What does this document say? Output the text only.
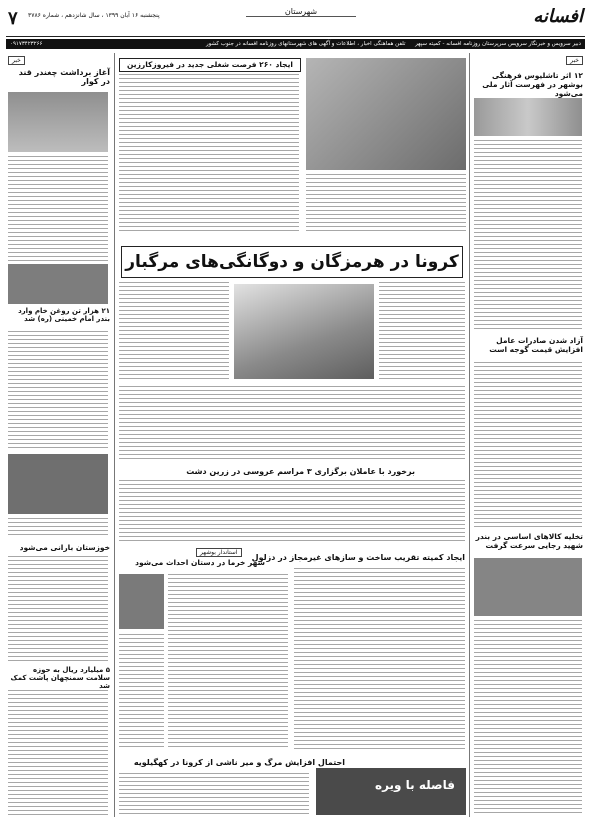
۷ پنجشنبه ۱۶ آبان ۱۳۹۹ ، سال شانزدهم ، شماره ۳۷۸۶	شهرستان	افسانه
دبیر سرویس و خبرنگار سرویس سرپرستان روزنامه افسانه - کمیته سپهر
تلفن هماهنگی اخبار ، اطلاعات و آگهی های شهرستانهای روزنامه افسانه در جنوب کشور
۰۹۱۷۳۴۲۳۲۶۶
خبر
آغاز برداشت چغندر قند در کوار
۲۱ هزار تن روغن خام وارد بندر امام خمینی (ره) شد
خوزستان بارانی می‌شود
۵ میلیارد ریال به حوزه سلامت سمنچهان پاشت کمک شد
ایجاد ۲۶۰ فرصت شغلی جدید در فیروزکارزین
کرونا در هرمزگان و دوگانگی‌های مرگبار
برخورد با عاملان برگزاری ۳ مراسم عروسی در زرین دشت
استاندار بوشهر
شهر خرما در دستان احداث می‌شود
ایجاد کمیته تقریب ساخت و سازهای غیرمجاز در دزلول
احتمال افزایش مرگ و میر ناشی از کرونا در کهگیلویه
فاصله با ویره
خبر
۱۲ اثر تاشلیوس فرهنگی بوشهر در فهرست آثار ملی می‌شود
آزاد شدن صادرات عامل افزایش قیمت گوجه است
تخلیه کالاهای اساسی در بندر شهید رجایی سرعت گرفت
